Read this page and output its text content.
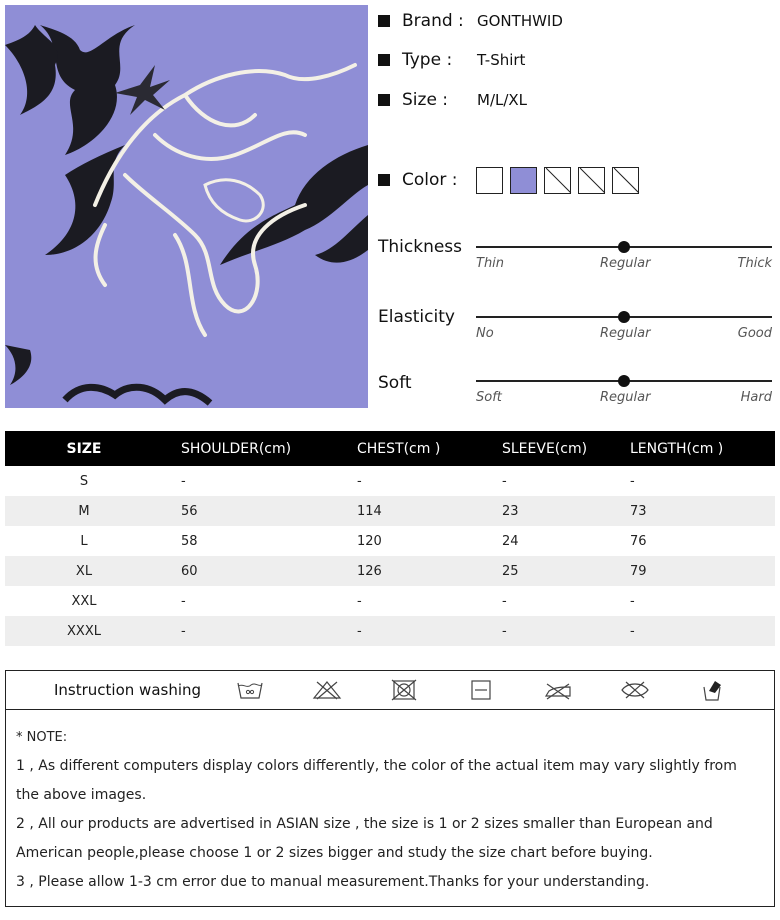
Brand : GONTHWID
Type :	T-Shirt
Size :	M/L/XL
Color :
Thickness
Thin	Regular	Thick
Elasticity
No	Regular	Good
Soft
Soft	Regular	Hard
SIZE	SHOULDER(cm)	CHEST(cm )	SLEEVE(cm)	LENGTH(cm )
S	-	-	-	-
M	56	114	23	73
L	58	120	24	76
XL	60	126	25	79
XXL	-	-	-	-
XXXL	-	-	-	-
Instruction washing

* NOTE:

1 , As different computers display colors differently, the color of the actual item may vary slightly from the above images.

2 , All our products are advertised in ASIAN size , the size is 1 or 2 sizes smaller than European and American people,please choose 1 or 2 sizes bigger and study the size chart before buying.

3 , Please allow 1-3 cm error due to manual measurement.Thanks for your understanding.
